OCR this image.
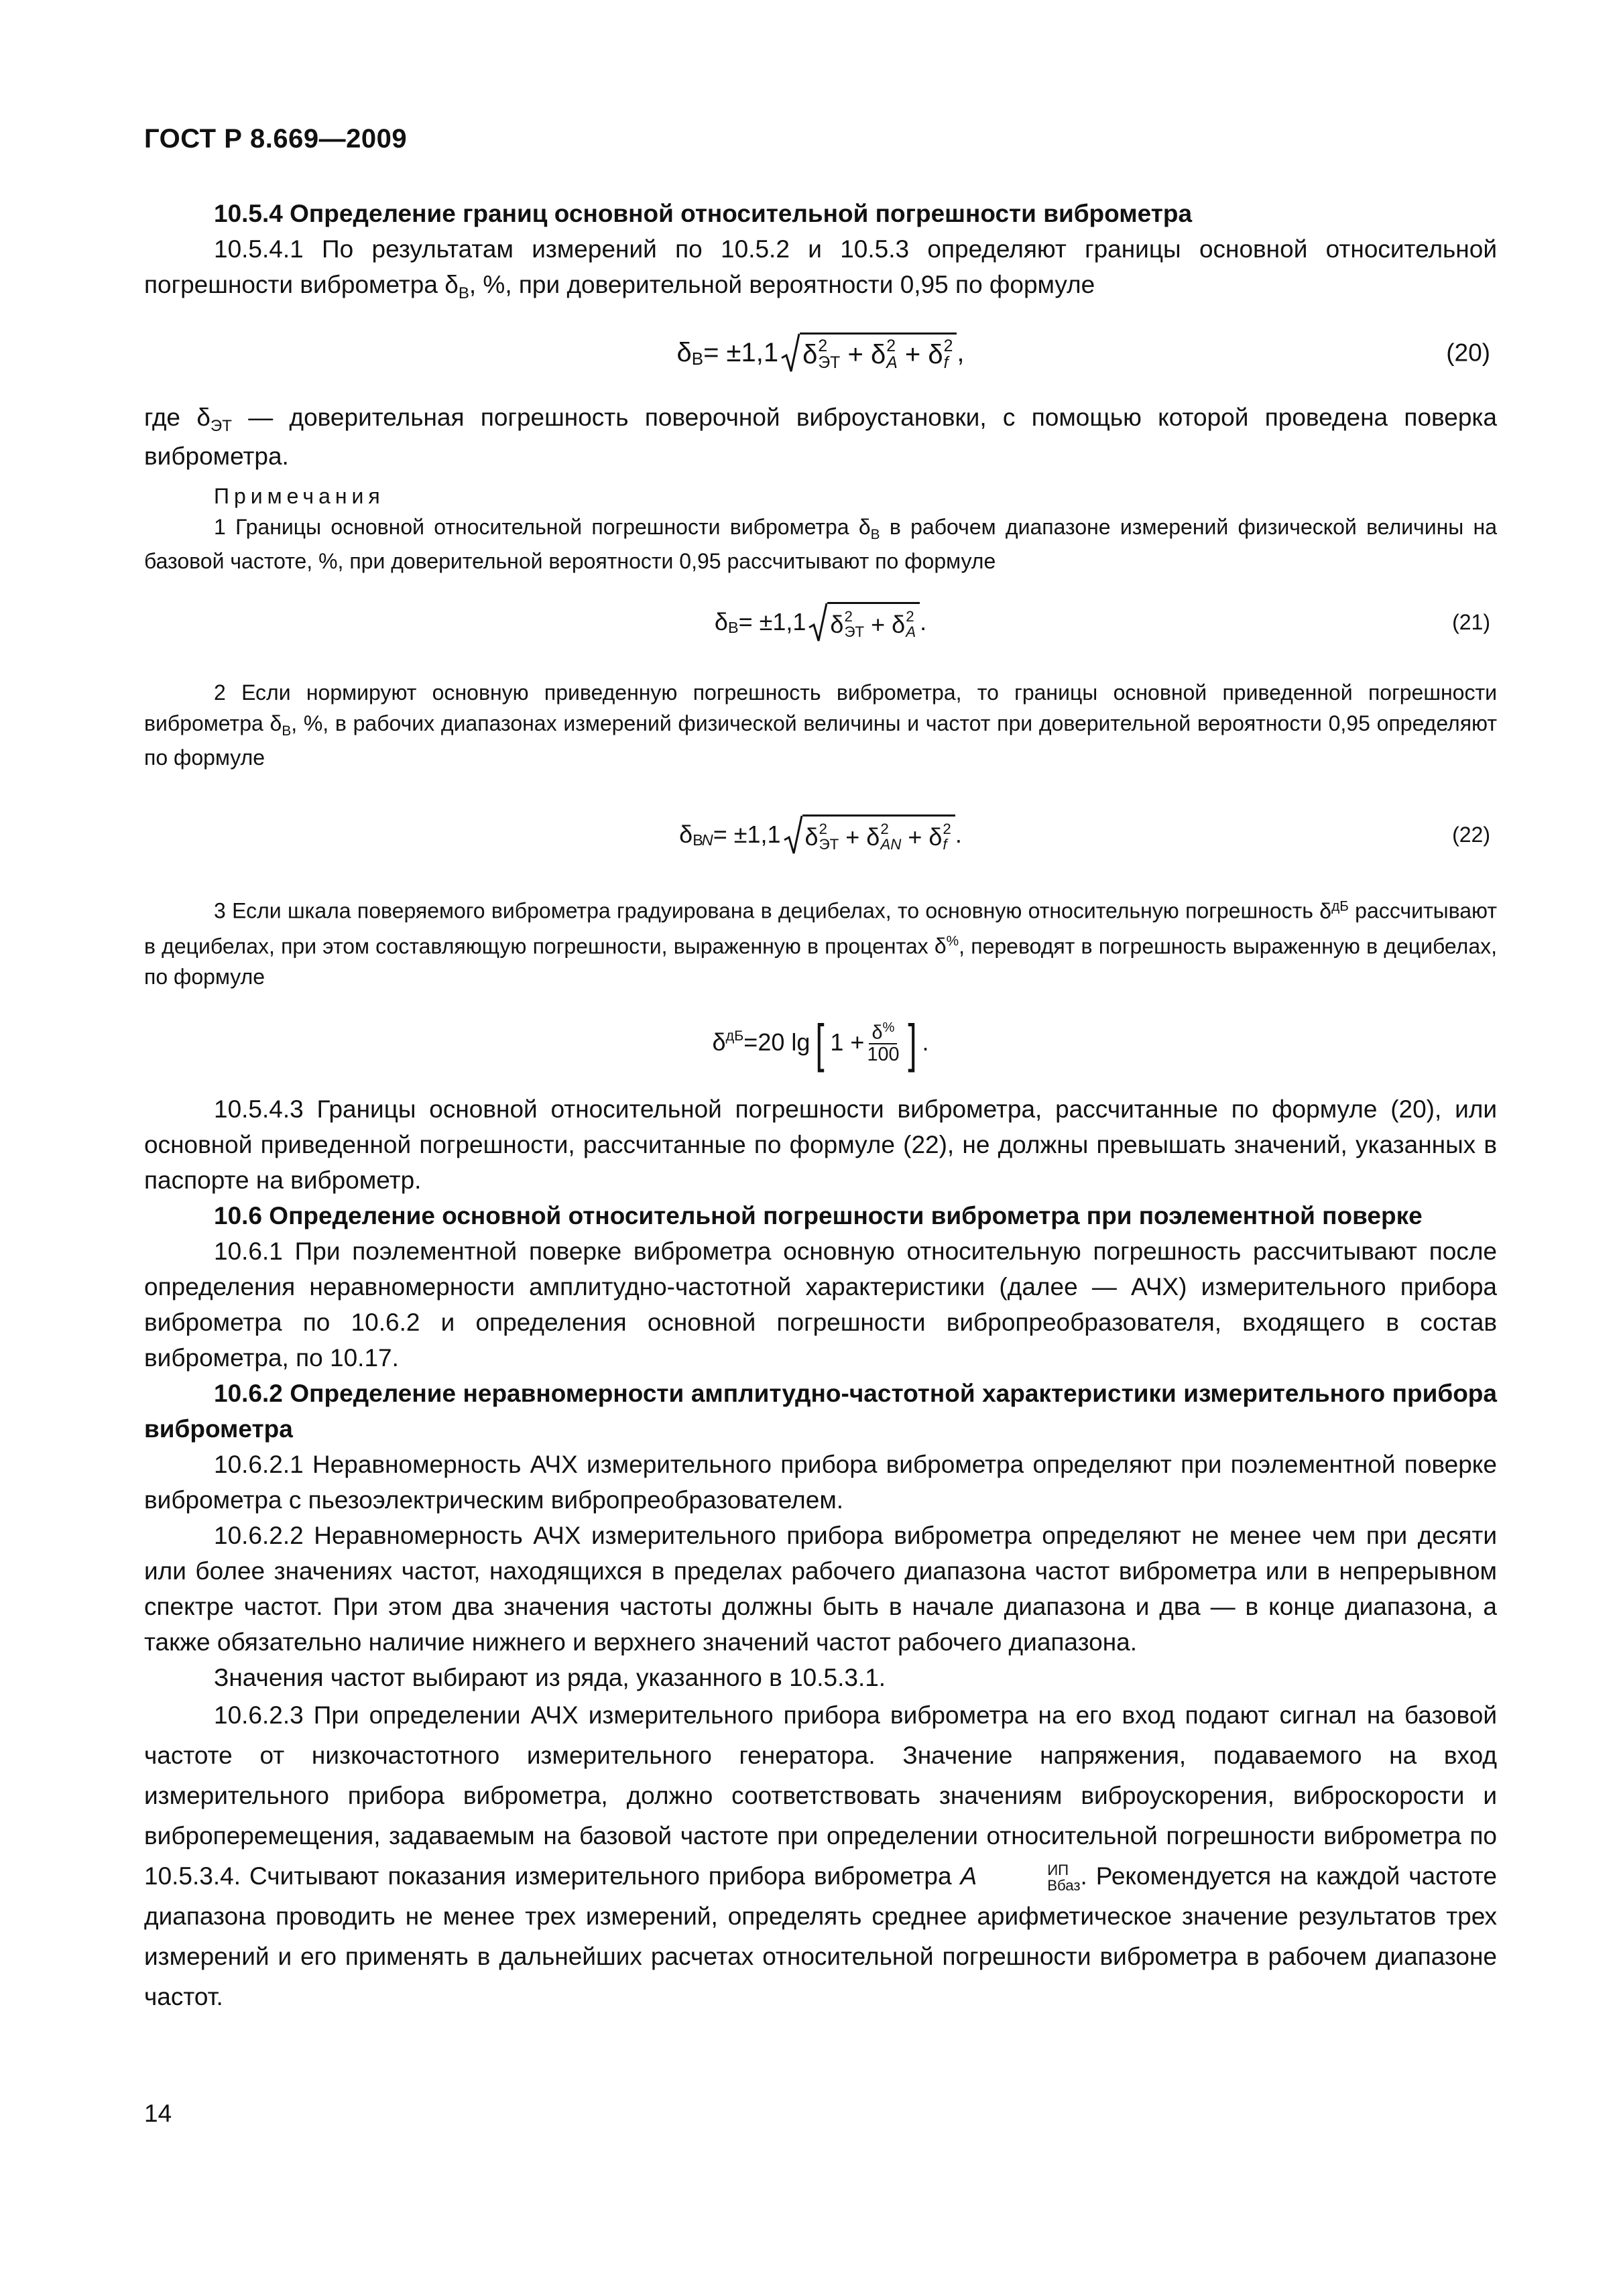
ГОСТ Р 8.669—2009

10.5.4 Определение границ основной относительной погрешности виброметра

10.5.4.1 По результатам измерений по 10.5.2 и 10.5.3 определяют границы основной относительной погрешности виброметра $\delta_В$, %, при доверительной вероятности 0,95 по формуле

δ В = ±1,1 δ 2
ЭТ + δ 2
A + δ 2
f ,	(20)

где $\delta_{ЭТ}$ — доверительная погрешность поверочной виброустановки, с помощью которой проведена поверка виброметра.

Примечания

1 Границы основной относительной погрешности виброметра $\delta_В$ в рабочем диапазоне измерений физической величины на базовой частоте, %, при доверительной вероятности 0,95 рассчитывают по формуле

δ В = ±1,1 δ 2
ЭТ + δ 2
A .	(21)

2 Если нормируют основную приведенную погрешность виброметра, то границы основной приведенной погрешности виброметра $\delta_В$, %, в рабочих диапазонах измерений физической величины и частот при доверительной вероятности 0,95 определяют по формуле

δ В
N = ±1,1 δ 2
ЭТ + δ 2
AN + δ 2
f .	(22)

3 Если шкала поверяемого виброметра градуирована в децибелах, то основную относительную погрешность $\delta^{дБ}$ рассчитывают в децибелах, при этом составляющую погрешности, выраженную в процентах δ%, переводят в погрешность выраженную в децибелах, по формуле

$\delta^{дБ} =20$ lg [ $1 + \frac{\delta^{\%}}{100}$ ] .

10.5.4.3 Границы основной относительной погрешности виброметра, рассчитанные по формуле (20), или основной приведенной погрешности, рассчитанные по формуле (22), не должны превышать значений, указанных в паспорте на виброметр.

10.6 Определение основной относительной погрешности виброметра при поэлементной поверке

10.6.1 При поэлементной поверке виброметра основную относительную погрешность рассчитывают после определения неравномерности амплитудно-частотной характеристики (далее — АЧХ) измерительного прибора виброметра по 10.6.2 и определения основной погрешности вибропреобразователя, входящего в состав виброметра, по 10.17.

10.6.2 Определение неравномерности амплитудно-частотной характеристики измерительного прибора виброметра

10.6.2.1 Неравномерность АЧХ измерительного прибора виброметра определяют при поэлементной поверке виброметра с пьезоэлектрическим вибропреобразователем.

10.6.2.2 Неравномерность АЧХ измерительного прибора виброметра определяют не менее чем при десяти или более значениях частот, находящихся в пределах рабочего диапазона частот виброметра или в непрерывном спектре частот. При этом два значения частоты должны быть в начале диапазона и два — в конце диапазона, а также обязательно наличие нижнего и верхнего значений частот рабочего диапазона.

Значения частот выбирают из ряда, указанного в 10.5.3.1.

10.6.2.3 При определении АЧХ измерительного прибора виброметра на его вход подают сигнал на базовой частоте от низкочастотного измерительного генератора. Значение напряжения, подаваемого на вход измерительного прибора виброметра, должно соответствовать значениям виброускорения, виброскорости и виброперемещения, задаваемым на базовой частоте при определении относительной погрешности виброметра по 10.5.3.4. Считывают показания измерительного прибора виброметра A	ИП
Вбаз . Рекомендуется на каждой частоте диапазона проводить не менее трех измерений, определять среднее арифметическое значение результатов трех измерений и его применять в дальнейших расчетах относительной погрешности виброметра в рабочем диапазоне частот.

14
